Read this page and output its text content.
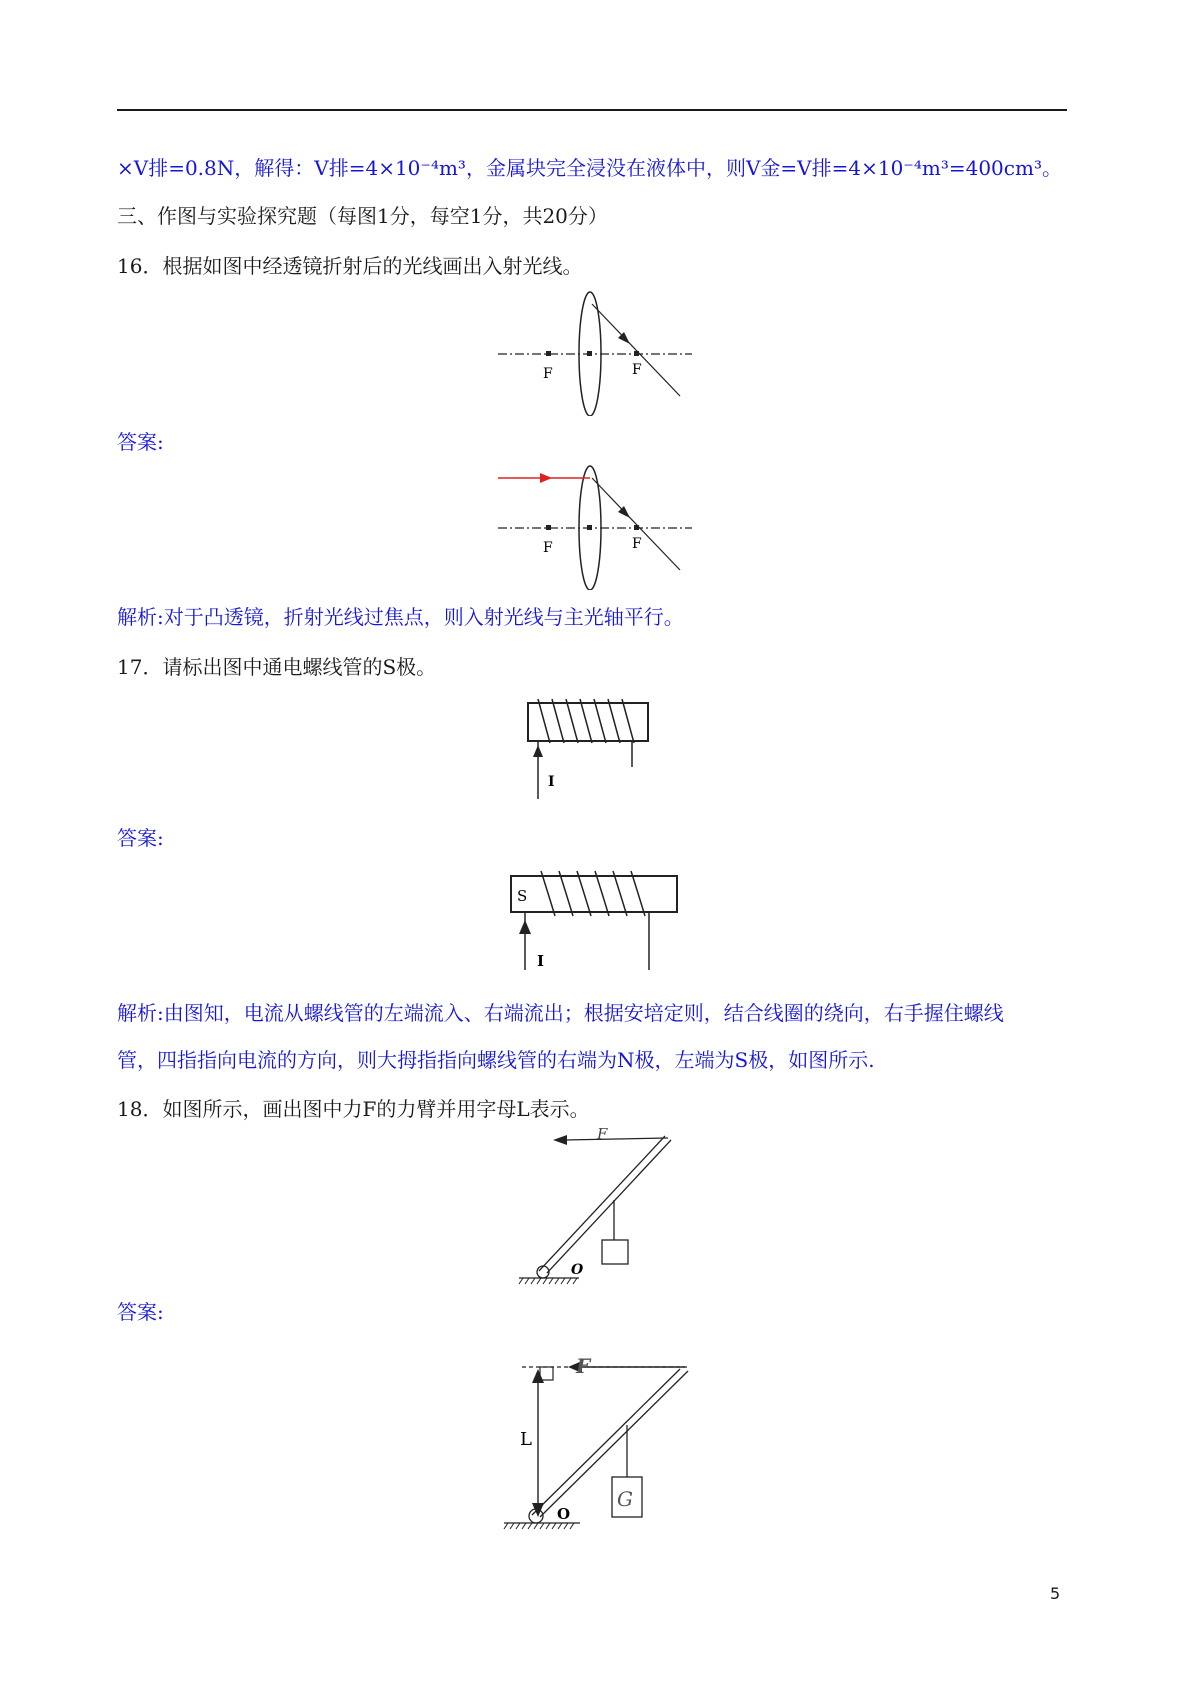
×V排=0.8N，解得：V排=4×10⁻⁴m³，金属块完全浸没在液体中，则V金=V排=4×10⁻⁴m³=400cm³。
三、作图与实验探究题（每图1分，每空1分，共20分）
16．根据如图中经透镜折射后的光线画出入射光线。
F	F
答案:
F	F
解析:对于凸透镜，折射光线过焦点，则入射光线与主光轴平行。
17．请标出图中通电螺线管的S极。
I
答案:
I
S
解析:由图知，电流从螺线管的左端流入、右端流出；根据安培定则，结合线圈的绕向，右手握住螺线
管，四指指向电流的方向，则大拇指指向螺线管的右端为N极，左端为S极，如图所示.
18．如图所示，画出图中力F的力臂并用字母L表示。
F
O
答案:
F
L
G
O
5
